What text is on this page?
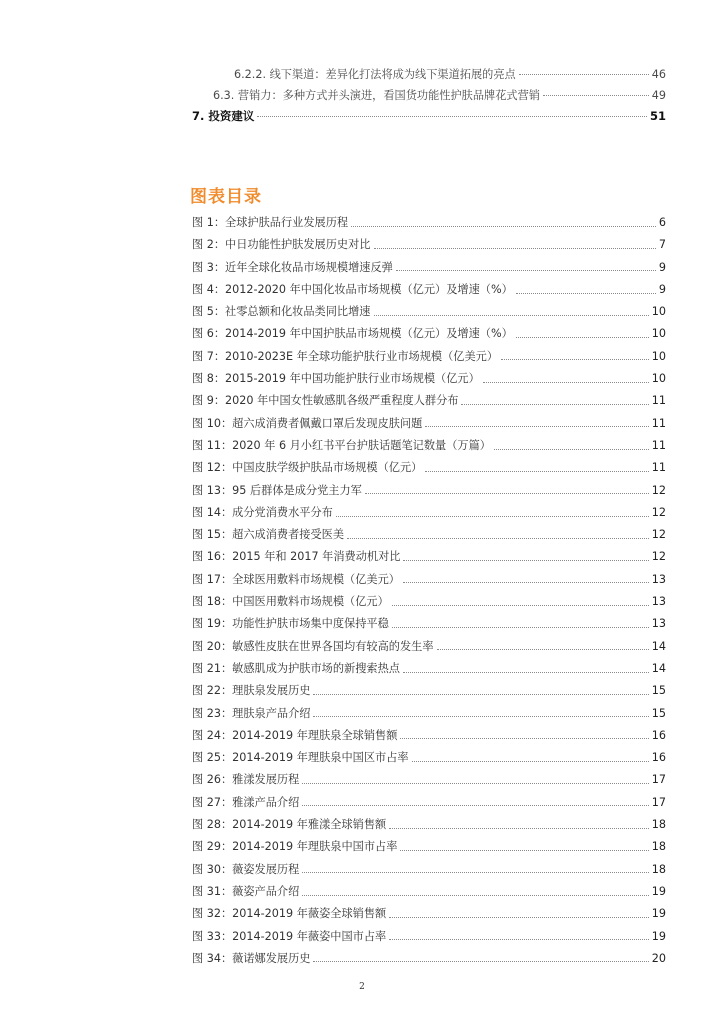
6.2.2. 线下渠道：差异化打法将成为线下渠道拓展的亮点	46
6.3. 营销力：多种方式并头演进，看国货功能性护肤品牌花式营销	49
7. 投资建议	51
图表目录
图 1：全球护肤品行业发展历程	6
图 2：中日功能性护肤发展历史对比	7
图 3：近年全球化妆品市场规模增速反弹	9
图 4：2012-2020 年中国化妆品市场规模（亿元）及增速（%）	9
图 5：社零总额和化妆品类同比增速	10
图 6：2014-2019 年中国护肤品市场规模（亿元）及增速（%）	10
图 7：2010-2023E 年全球功能护肤行业市场规模（亿美元）	10
图 8：2015-2019 年中国功能护肤行业市场规模（亿元）	10
图 9：2020 年中国女性敏感肌各级严重程度人群分布	11
图 10：超六成消费者佩戴口罩后发现皮肤问题	11
图 11：2020 年 6 月小红书平台护肤话题笔记数量（万篇）	11
图 12：中国皮肤学级护肤品市场规模（亿元）	11
图 13：95 后群体是成分党主力军	12
图 14：成分党消费水平分布	12
图 15：超六成消费者接受医美	12
图 16：2015 年和 2017 年消费动机对比	12
图 17：全球医用敷料市场规模（亿美元）	13
图 18：中国医用敷料市场规模（亿元）	13
图 19：功能性护肤市场集中度保持平稳	13
图 20：敏感性皮肤在世界各国均有较高的发生率	14
图 21：敏感肌成为护肤市场的新搜索热点	14
图 22：理肤泉发展历史	15
图 23：理肤泉产品介绍	15
图 24：2014-2019 年理肤泉全球销售额	16
图 25：2014-2019 年理肤泉中国区市占率	16
图 26：雅漾发展历程	17
图 27：雅漾产品介绍	17
图 28：2014-2019 年雅漾全球销售额	18
图 29：2014-2019 年理肤泉中国市占率	18
图 30：薇姿发展历程	18
图 31：薇姿产品介绍	19
图 32：2014-2019 年薇姿全球销售额	19
图 33：2014-2019 年薇姿中国市占率	19
图 34：薇诺娜发展历史	20
2
